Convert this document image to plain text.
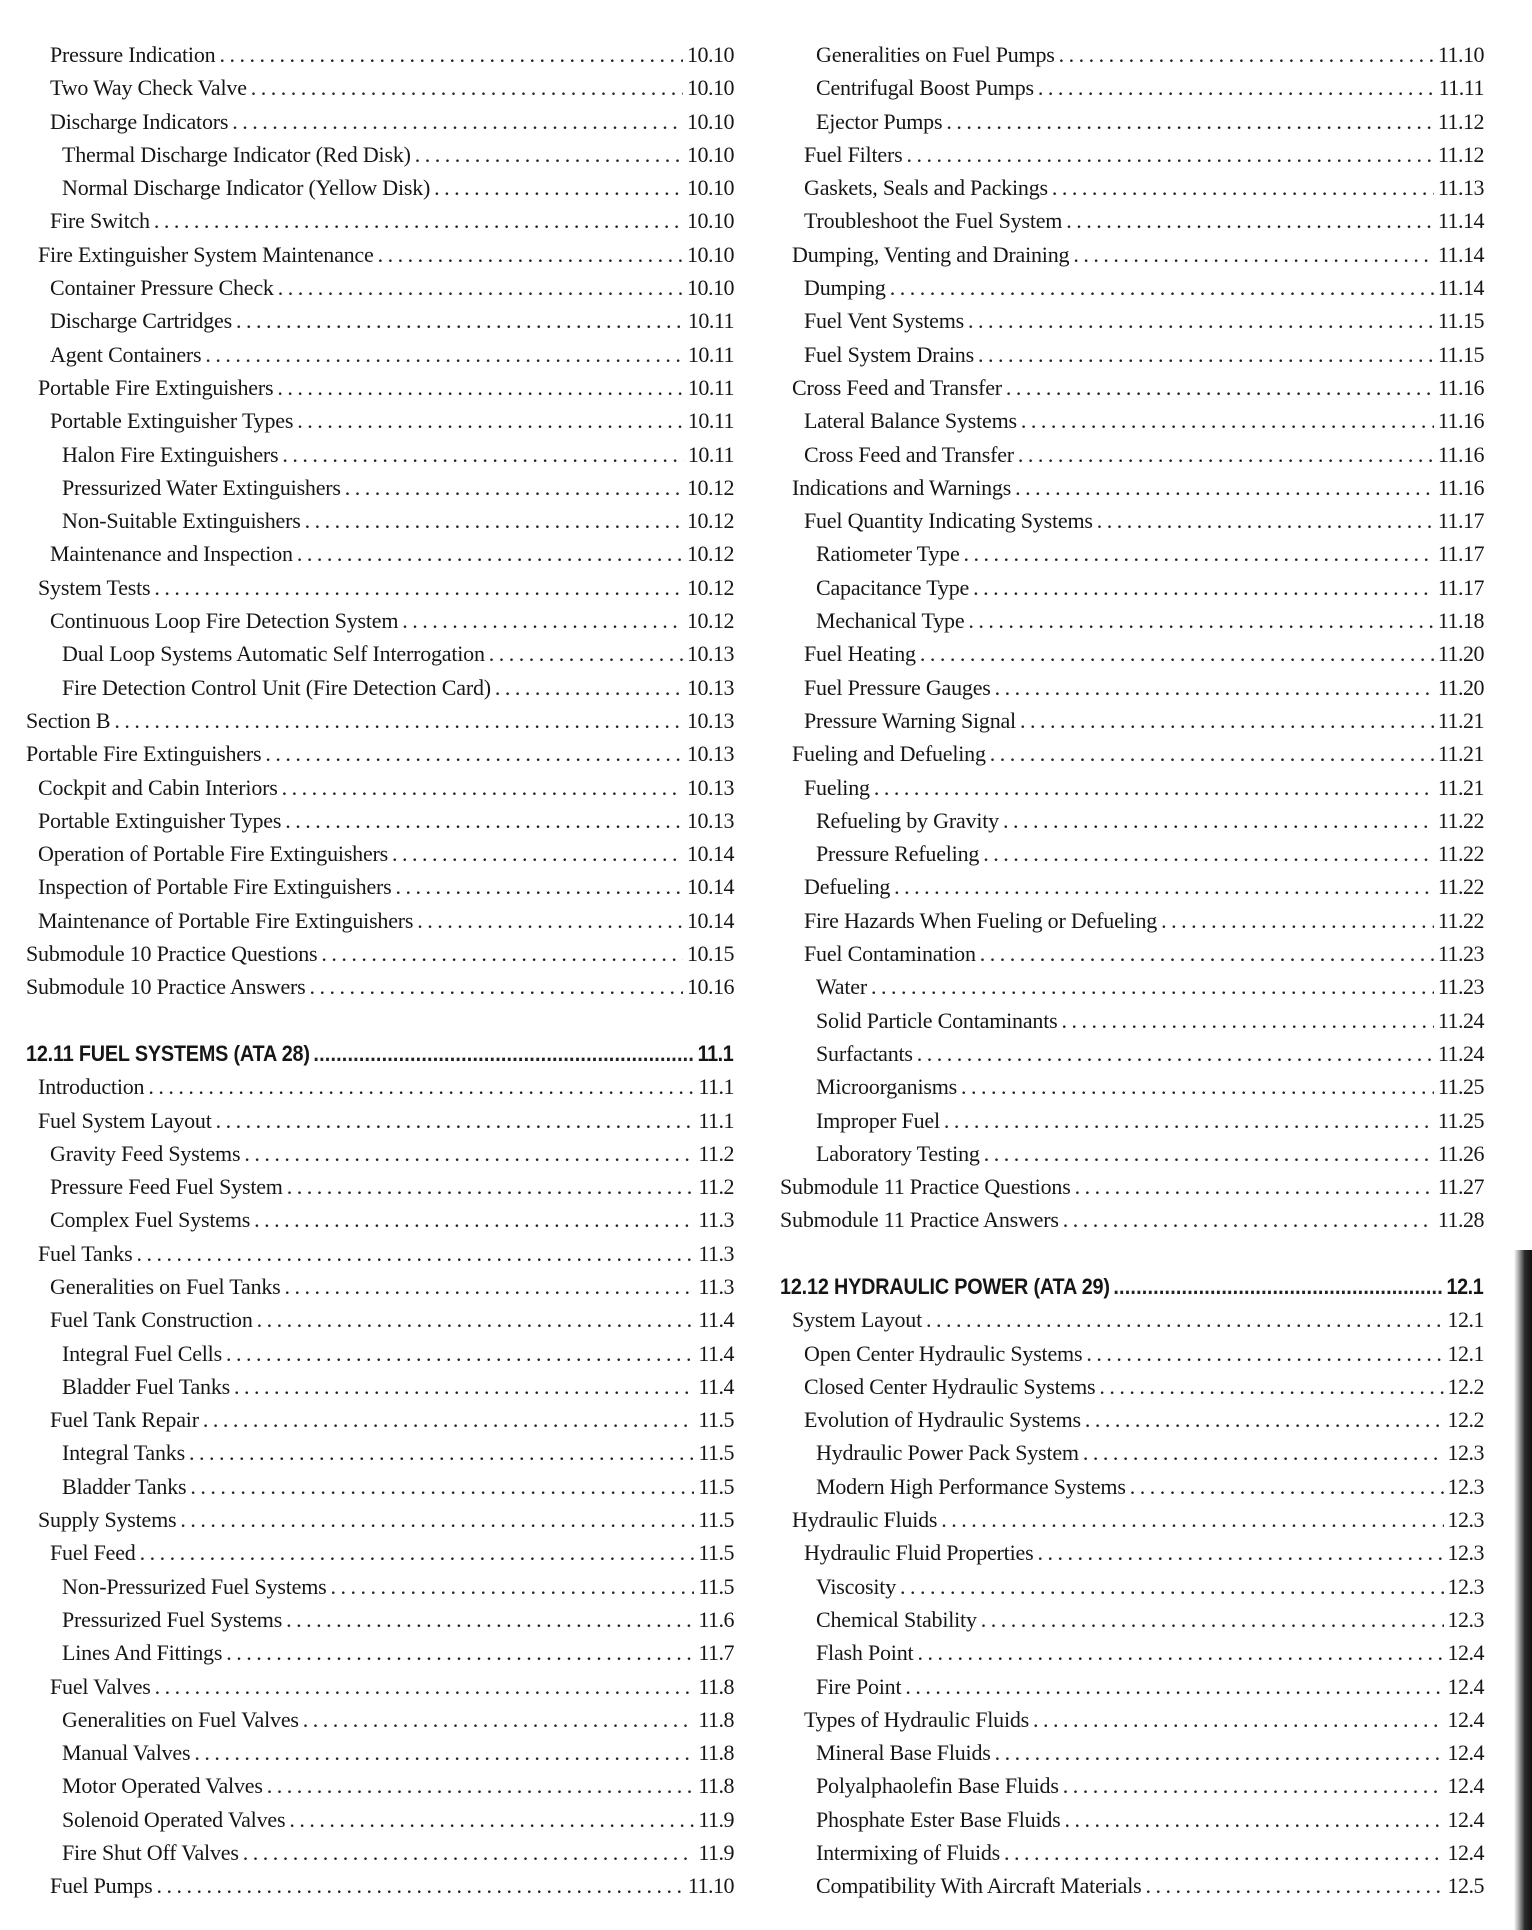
Pressure Indication . . .	10.10
Two Way Check Valve . . .	10.10
Discharge Indicators . . .	10.10
Thermal Discharge Indicator (Red Disk) . . .	10.10
Normal Discharge Indicator (Yellow Disk) . . .	10.10
Fire Switch . . .	10.10
Fire Extinguisher System Maintenance . . .	10.10
Container Pressure Check . . .	10.10
Discharge Cartridges . . .	10.11
Agent Containers . . .	10.11
Portable Fire Extinguishers . . .	10.11
Portable Extinguisher Types . . .	10.11
Halon Fire Extinguishers . . .	10.11
Pressurized Water Extinguishers . . .	10.12
Non-Suitable Extinguishers . . .	10.12
Maintenance and Inspection . . .	10.12
System Tests . . .	10.12
Continuous Loop Fire Detection System . . .	10.12
Dual Loop Systems Automatic Self Interrogation . . .	10.13
Fire Detection Control Unit (Fire Detection Card) . . .	10.13
Section B . . .	10.13
Portable Fire Extinguishers . . .	10.13
Cockpit and Cabin Interiors . . .	10.13
Portable Extinguisher Types . . .	10.13
Operation of Portable Fire Extinguishers . . .	10.14
Inspection of Portable Fire Extinguishers . . .	10.14
Maintenance of Portable Fire Extinguishers . . .	10.14
Submodule 10 Practice Questions . . .	10.15
Submodule 10 Practice Answers . . .	10.16
12.11 FUEL SYSTEMS (ATA 28) .....	11.1
Introduction . . .	11.1
Fuel System Layout . . .	11.1
Gravity Feed Systems . . .	11.2
Pressure Feed Fuel System . . .	11.2
Complex Fuel Systems . . .	11.3
Fuel Tanks . . .	11.3
Generalities on Fuel Tanks . . .	11.3
Fuel Tank Construction . . .	11.4
Integral Fuel Cells . . .	11.4
Bladder Fuel Tanks . . .	11.4
Fuel Tank Repair . . .	11.5
Integral Tanks . . .	11.5
Bladder Tanks . . .	11.5
Supply Systems . . .	11.5
Fuel Feed . . .	11.5
Non-Pressurized Fuel Systems . . .	11.5
Pressurized Fuel Systems . . .	11.6
Lines And Fittings . . .	11.7
Fuel Valves . . .	11.8
Generalities on Fuel Valves . . .	11.8
Manual Valves . . .	11.8
Motor Operated Valves . . .	11.8
Solenoid Operated Valves . . .	11.9
Fire Shut Off Valves . . .	11.9
Fuel Pumps . . .	11.10
Generalities on Fuel Pumps . . .	11.10
Centrifugal Boost Pumps . . .	11.11
Ejector Pumps . . .	11.12
Fuel Filters . . .	11.12
Gaskets, Seals and Packings . . .	11.13
Troubleshoot the Fuel System . . .	11.14
Dumping, Venting and Draining . . .	11.14
Dumping . . .	11.14
Fuel Vent Systems . . .	11.15
Fuel System Drains . . .	11.15
Cross Feed and Transfer . . .	11.16
Lateral Balance Systems . . .	11.16
Cross Feed and Transfer . . .	11.16
Indications and Warnings . . .	11.16
Fuel Quantity Indicating Systems . . .	11.17
Ratiometer Type . . .	11.17
Capacitance Type . . .	11.17
Mechanical Type . . .	11.18
Fuel Heating . . .	11.20
Fuel Pressure Gauges . . .	11.20
Pressure Warning Signal . . .	11.21
Fueling and Defueling . . .	11.21
Fueling . . .	11.21
Refueling by Gravity . . .	11.22
Pressure Refueling . . .	11.22
Defueling . . .	11.22
Fire Hazards When Fueling or Defueling . . .	11.22
Fuel Contamination . . .	11.23
Water . . .	11.23
Solid Particle Contaminants . . .	11.24
Surfactants . . .	11.24
Microorganisms . . .	11.25
Improper Fuel . . .	11.25
Laboratory Testing . . .	11.26
Submodule 11 Practice Questions . . .	11.27
Submodule 11 Practice Answers . . .	11.28
12.12 HYDRAULIC POWER (ATA 29) .....	12.1
System Layout . . .	12.1
Open Center Hydraulic Systems . . .	12.1
Closed Center Hydraulic Systems . . .	12.2
Evolution of Hydraulic Systems . . .	12.2
Hydraulic Power Pack System . . .	12.3
Modern High Performance Systems . . .	12.3
Hydraulic Fluids . . .	12.3
Hydraulic Fluid Properties . . .	12.3
Viscosity . . .	12.3
Chemical Stability . . .	12.3
Flash Point . . .	12.4
Fire Point . . .	12.4
Types of Hydraulic Fluids . . .	12.4
Mineral Base Fluids . . .	12.4
Polyalphaolefin Base Fluids . . .	12.4
Phosphate Ester Base Fluids . . .	12.4
Intermixing of Fluids . . .	12.4
Compatibility With Aircraft Materials . . .	12.5
